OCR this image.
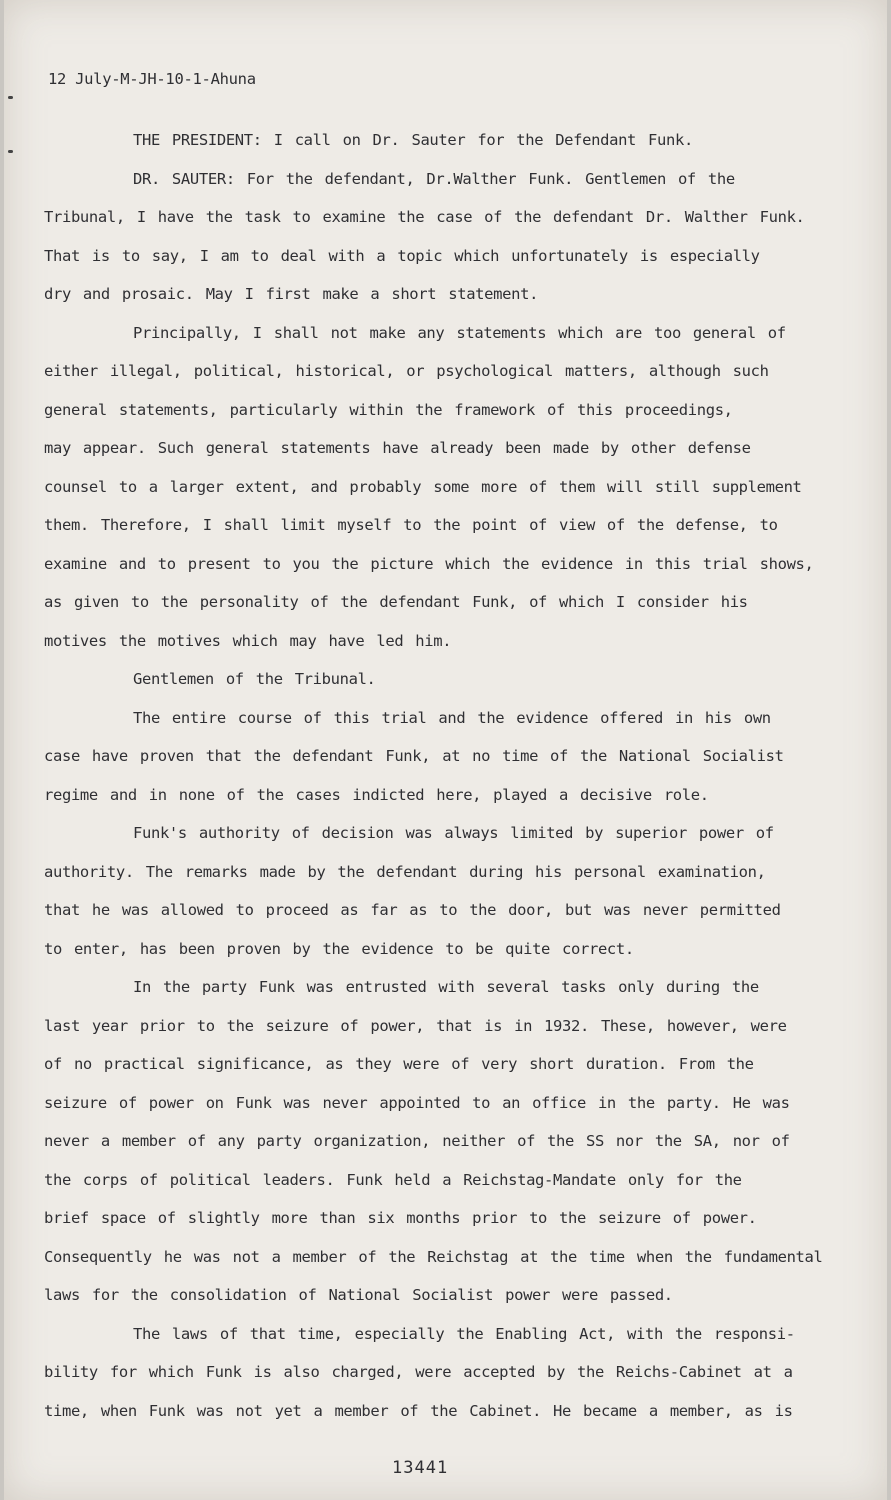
12 July-M-JH-10-1-Ahuna
THE PRESIDENT: I call on Dr. Sauter for the Defendant Funk.
DR. SAUTER: For the defendant, Dr.Walther Funk. Gentlemen of the
Tribunal, I have the task to examine the case of the defendant Dr. Walther Funk.
That is to say, I am to deal with a topic which unfortunately is especially
dry and prosaic. May I first make a short statement.
Principally, I shall not make any statements which are too general of
either illegal, political, historical, or psychological matters, although such
general statements, particularly within the framework of this proceedings,
may appear. Such general statements have already been made by other defense
counsel to a larger extent, and probably some more of them will still supplement
them. Therefore, I shall limit myself to the point of view of the defense, to
examine and to present to you the picture which the evidence in this trial shows,
as given to the personality of the defendant Funk, of which I consider his
motives the motives which may have led him.
Gentlemen of the Tribunal.
The entire course of this trial and the evidence offered in his own
case have proven that the defendant Funk, at no time of the National Socialist
regime and in none of the cases indicted here, played a decisive role.
Funk's authority of decision was always limited by superior power of
authority. The remarks made by the defendant during his personal examination,
that he was allowed to proceed as far as to the door, but was never permitted
to enter, has been proven by the evidence to be quite correct.
In the party Funk was entrusted with several tasks only during the
last year prior to the seizure of power, that is in 1932. These, however, were
of no practical significance, as they were of very short duration. From the
seizure of power on Funk was never appointed to an office in the party. He was
never a member of any party organization, neither of the SS nor the SA, nor of
the corps of political leaders. Funk held a Reichstag-Mandate only for the
brief space of slightly more than six months prior to the seizure of power.
Consequently he was not a member of the Reichstag at the time when the fundamental
laws for the consolidation of National Socialist power were passed.
The laws of that time, especially the Enabling Act, with the responsi-
bility for which Funk is also charged, were accepted by the Reichs-Cabinet at a
time, when Funk was not yet a member of the Cabinet. He became a member, as is
13441
